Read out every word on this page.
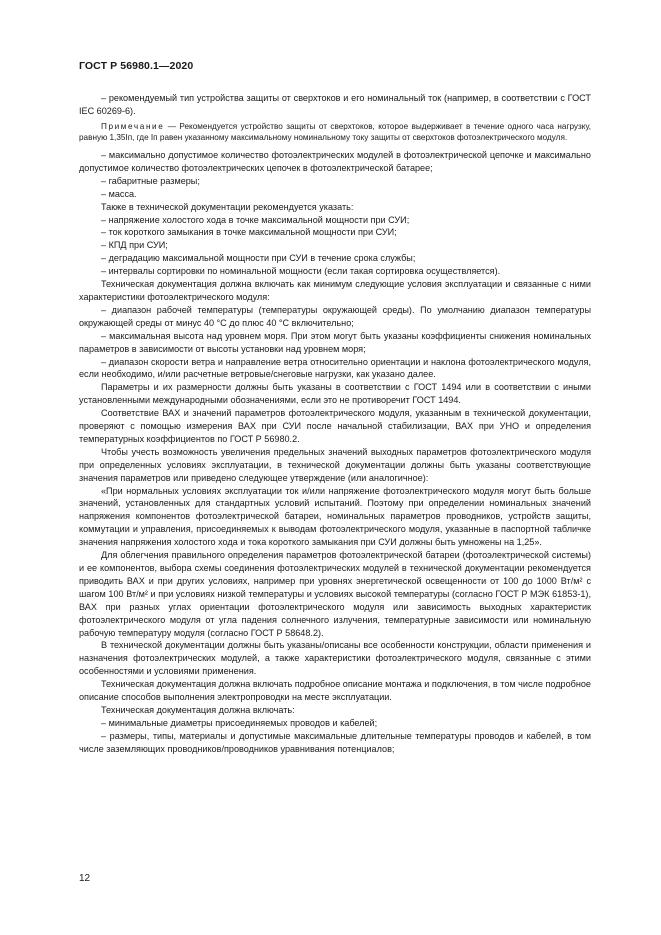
ГОСТ Р 56980.1—2020

– рекомендуемый тип устройства защиты от сверхтоков и его номинальный ток (например, в соответствии с ГОСТ IEC 60269-6).

Примечание — Рекомендуется устройство защиты от сверхтоков, которое выдерживает в течение одного часа нагрузку, равную 1,35Iп, где Iп равен указанному максимальному номинальному току защиты от сверхтоков фотоэлектрического модуля.

– максимально допустимое количество фотоэлектрических модулей в фотоэлектрической цепочке и максимально допустимое количество фотоэлектрических цепочек в фотоэлектрической батарее;

– габаритные размеры;

– масса.

Также в технической документации рекомендуется указать:

– напряжение холостого хода в точке максимальной мощности при СУИ;

– ток короткого замыкания в точке максимальной мощности при СУИ;

– КПД при СУИ;

– деградацию максимальной мощности при СУИ в течение срока службы;

– интервалы сортировки по номинальной мощности (если такая сортировка осуществляется).

Техническая документация должна включать как минимум следующие условия эксплуатации и связанные с ними характеристики фотоэлектрического модуля:

– диапазон рабочей температуры (температуры окружающей среды). По умолчанию диапазон температуры окружающей среды от минус 40 °С до плюс 40 °С включительно;

– максимальная высота над уровнем моря. При этом могут быть указаны коэффициенты снижения номинальных параметров в зависимости от высоты установки над уровнем моря;

– диапазон скорости ветра и направление ветра относительно ориентации и наклона фотоэлектрического модуля, если необходимо, и/или расчетные ветровые/снеговые нагрузки, как указано далее.

Параметры и их размерности должны быть указаны в соответствии с ГОСТ 1494 или в соответствии с иными установленными международными обозначениями, если это не противоречит ГОСТ 1494.

Соответствие ВАХ и значений параметров фотоэлектрического модуля, указанным в технической документации, проверяют с помощью измерения ВАХ при СУИ после начальной стабилизации, ВАХ при УНО и определения температурных коэффициентов по ГОСТ Р 56980.2.

Чтобы учесть возможность увеличения предельных значений выходных параметров фотоэлектрического модуля при определенных условиях эксплуатации, в технической документации должны быть указаны соответствующие значения параметров или приведено следующее утверждение (или аналогичное):

«При нормальных условиях эксплуатации ток и/или напряжение фотоэлектрического модуля могут быть больше значений, установленных для стандартных условий испытаний. Поэтому при определении номинальных значений напряжения компонентов фотоэлектрической батареи, номинальных параметров проводников, устройств защиты, коммутации и управления, присоединяемых к выводам фотоэлектрического модуля, указанные в паспортной табличке значения напряжения холостого хода и тока короткого замыкания при СУИ должны быть умножены на 1,25».

Для облегчения правильного определения параметров фотоэлектрической батареи (фотоэлектрической системы) и ее компонентов, выбора схемы соединения фотоэлектрических модулей в технической документации рекомендуется приводить ВАХ и при других условиях, например при уровнях энергетической освещенности от 100 до 1000 Вт/м² с шагом 100 Вт/м² и при условиях низкой температуры и условиях высокой температуры (согласно ГОСТ Р МЭК 61853-1), ВАХ при разных углах ориентации фотоэлектрического модуля или зависимость выходных характеристик фотоэлектрического модуля от угла падения солнечного излучения, температурные зависимости или номинальную рабочую температуру модуля (согласно ГОСТ Р 58648.2).

В технической документации должны быть указаны/описаны все особенности конструкции, области применения и назначения фотоэлектрических модулей, а также характеристики фотоэлектрического модуля, связанные с этими особенностями и условиями применения.

Техническая документация должна включать подробное описание монтажа и подключения, в том числе подробное описание способов выполнения электропроводки на месте эксплуатации.

Техническая документация должна включать:

– минимальные диаметры присоединяемых проводов и кабелей;

– размеры, типы, материалы и допустимые максимальные длительные температуры проводов и кабелей, в том числе заземляющих проводников/проводников уравнивания потенциалов;

12
